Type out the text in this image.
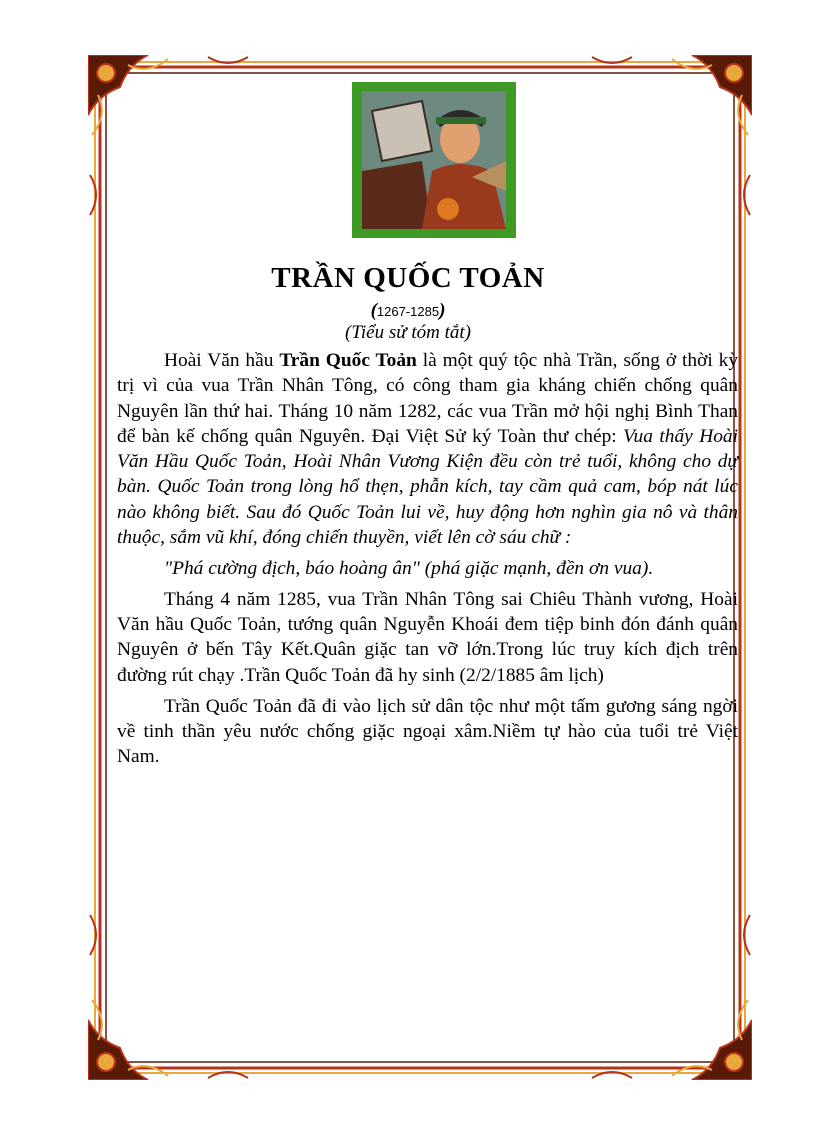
TRẦN QUỐC TOẢN
(1267-1285)
(Tiểu sử tóm tắt)

Hoài Văn hầu Trần Quốc Toản là một quý tộc nhà Trần, sống ở thời kỳ trị vì của vua Trần Nhân Tông, có công tham gia kháng chiến chống quân Nguyên lần thứ hai. Tháng 10 năm 1282, các vua Trần mở hội nghị Bình Than để bàn kế chống quân Nguyên. Đại Việt Sử ký Toàn thư chép: Vua thấy Hoài Văn Hầu Quốc Toản, Hoài Nhân Vương Kiện đều còn trẻ tuổi, không cho dự bàn. Quốc Toản trong lòng hổ thẹn, phẫn kích, tay cầm quả cam, bóp nát lúc nào không biết. Sau đó Quốc Toản lui về, huy động hơn nghìn gia nô và thân thuộc, sắm vũ khí, đóng chiến thuyền, viết lên cờ sáu chữ :

"Phá cường địch, báo hoàng ân" (phá giặc mạnh, đền ơn vua).

Tháng 4 năm 1285, vua Trần Nhân Tông sai Chiêu Thành vương, Hoài Văn hầu Quốc Toản, tướng quân Nguyễn Khoái đem tiệp binh đón đánh quân Nguyên ở bến Tây Kết.Quân giặc tan vỡ lớn.Trong lúc truy kích địch trên đường rút chạy .Trần Quốc Toản đã hy sinh (2/2/1885 âm lịch)

Trần Quốc Toản đã đi vào lịch sử dân tộc như một tấm gương sáng ngời về tinh thần yêu nước chống giặc ngoại xâm.Niềm tự hào của tuổi trẻ Việt Nam.
